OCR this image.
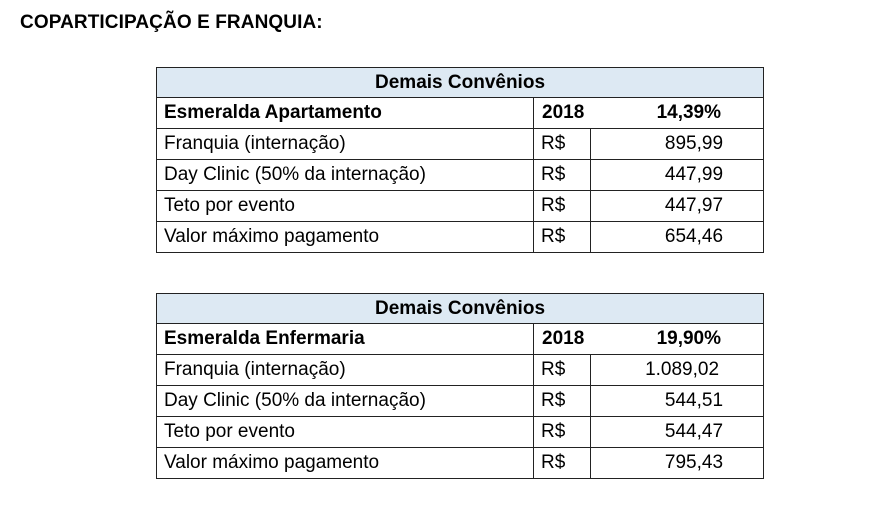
COPARTICIPAÇÃO E FRANQUIA:
Demais Convênios		
Esmeralda Apartamento	2018 14,39%	

Franquia (internação)	R$	895,99
Day Clinic (50% da internação)	R$	447,99
Teto por evento	R$	447,97
Valor máximo pagamento	R$	654,46
Demais Convênios		
Esmeralda Enfermaria	2018 19,90%	

Franquia (internação)	R$	1.089,02
Day Clinic (50% da internação)	R$	544,51
Teto por evento	R$	544,47
Valor máximo pagamento	R$	795,43
